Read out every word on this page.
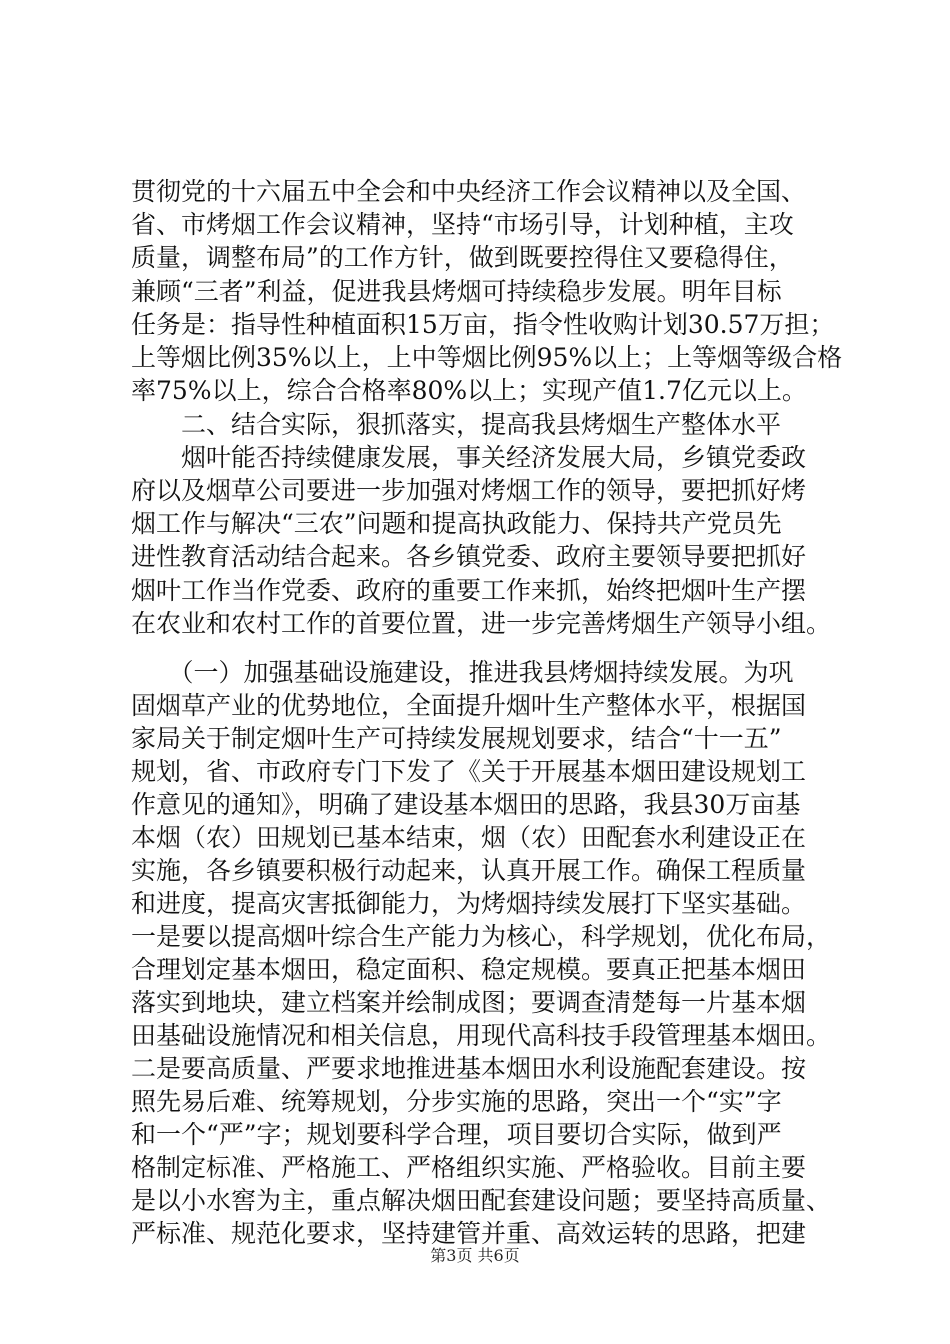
贯彻党的十六届五中全会和中央经济工作会议精神以及全国、
省、市烤烟工作会议精神，坚持“市场引导，计划种植，主攻
质量，调整布局”的工作方针，做到既要控得住又要稳得住，
兼顾“三者”利益，促进我县烤烟可持续稳步发展。明年目标
任务是：指导性种植面积15万亩，指令性收购计划30.57万担；
上等烟比例35%以上，上中等烟比例95%以上；上等烟等级合格
率75%以上，综合合格率80%以上；实现产值1.7亿元以上。
　　二、结合实际，狠抓落实，提高我县烤烟生产整体水平
　　烟叶能否持续健康发展，事关经济发展大局，乡镇党委政
府以及烟草公司要进一步加强对烤烟工作的领导，要把抓好烤
烟工作与解决“三农”问题和提高执政能力、保持共产党员先
进性教育活动结合起来。各乡镇党委、政府主要领导要把抓好
烟叶工作当作党委、政府的重要工作来抓，始终把烟叶生产摆
在农业和农村工作的首要位置，进一步完善烤烟生产领导小组。
　　（一）加强基础设施建设，推进我县烤烟持续发展。为巩
固烟草产业的优势地位，全面提升烟叶生产整体水平，根据国
家局关于制定烟叶生产可持续发展规划要求，结合“十一五”
规划，省、市政府专门下发了《关于开展基本烟田建设规划工
作意见的通知》，明确了建设基本烟田的思路，我县30万亩基
本烟（农）田规划已基本结束，烟（农）田配套水利建设正在
实施，各乡镇要积极行动起来，认真开展工作。确保工程质量
和进度，提高灾害抵御能力，为烤烟持续发展打下坚实基础。
一是要以提高烟叶综合生产能力为核心，科学规划，优化布局，
合理划定基本烟田，稳定面积、稳定规模。要真正把基本烟田
落实到地块，建立档案并绘制成图；要调查清楚每一片基本烟
田基础设施情况和相关信息，用现代高科技手段管理基本烟田。
二是要高质量、严要求地推进基本烟田水利设施配套建设。按
照先易后难、统筹规划，分步实施的思路，突出一个“实”字
和一个“严”字；规划要科学合理，项目要切合实际，做到严
格制定标准、严格施工、严格组织实施、严格验收。目前主要
是以小水窖为主，重点解决烟田配套建设问题；要坚持高质量、
严标准、规范化要求，坚持建管并重、高效运转的思路，把建
第3页 共6页
